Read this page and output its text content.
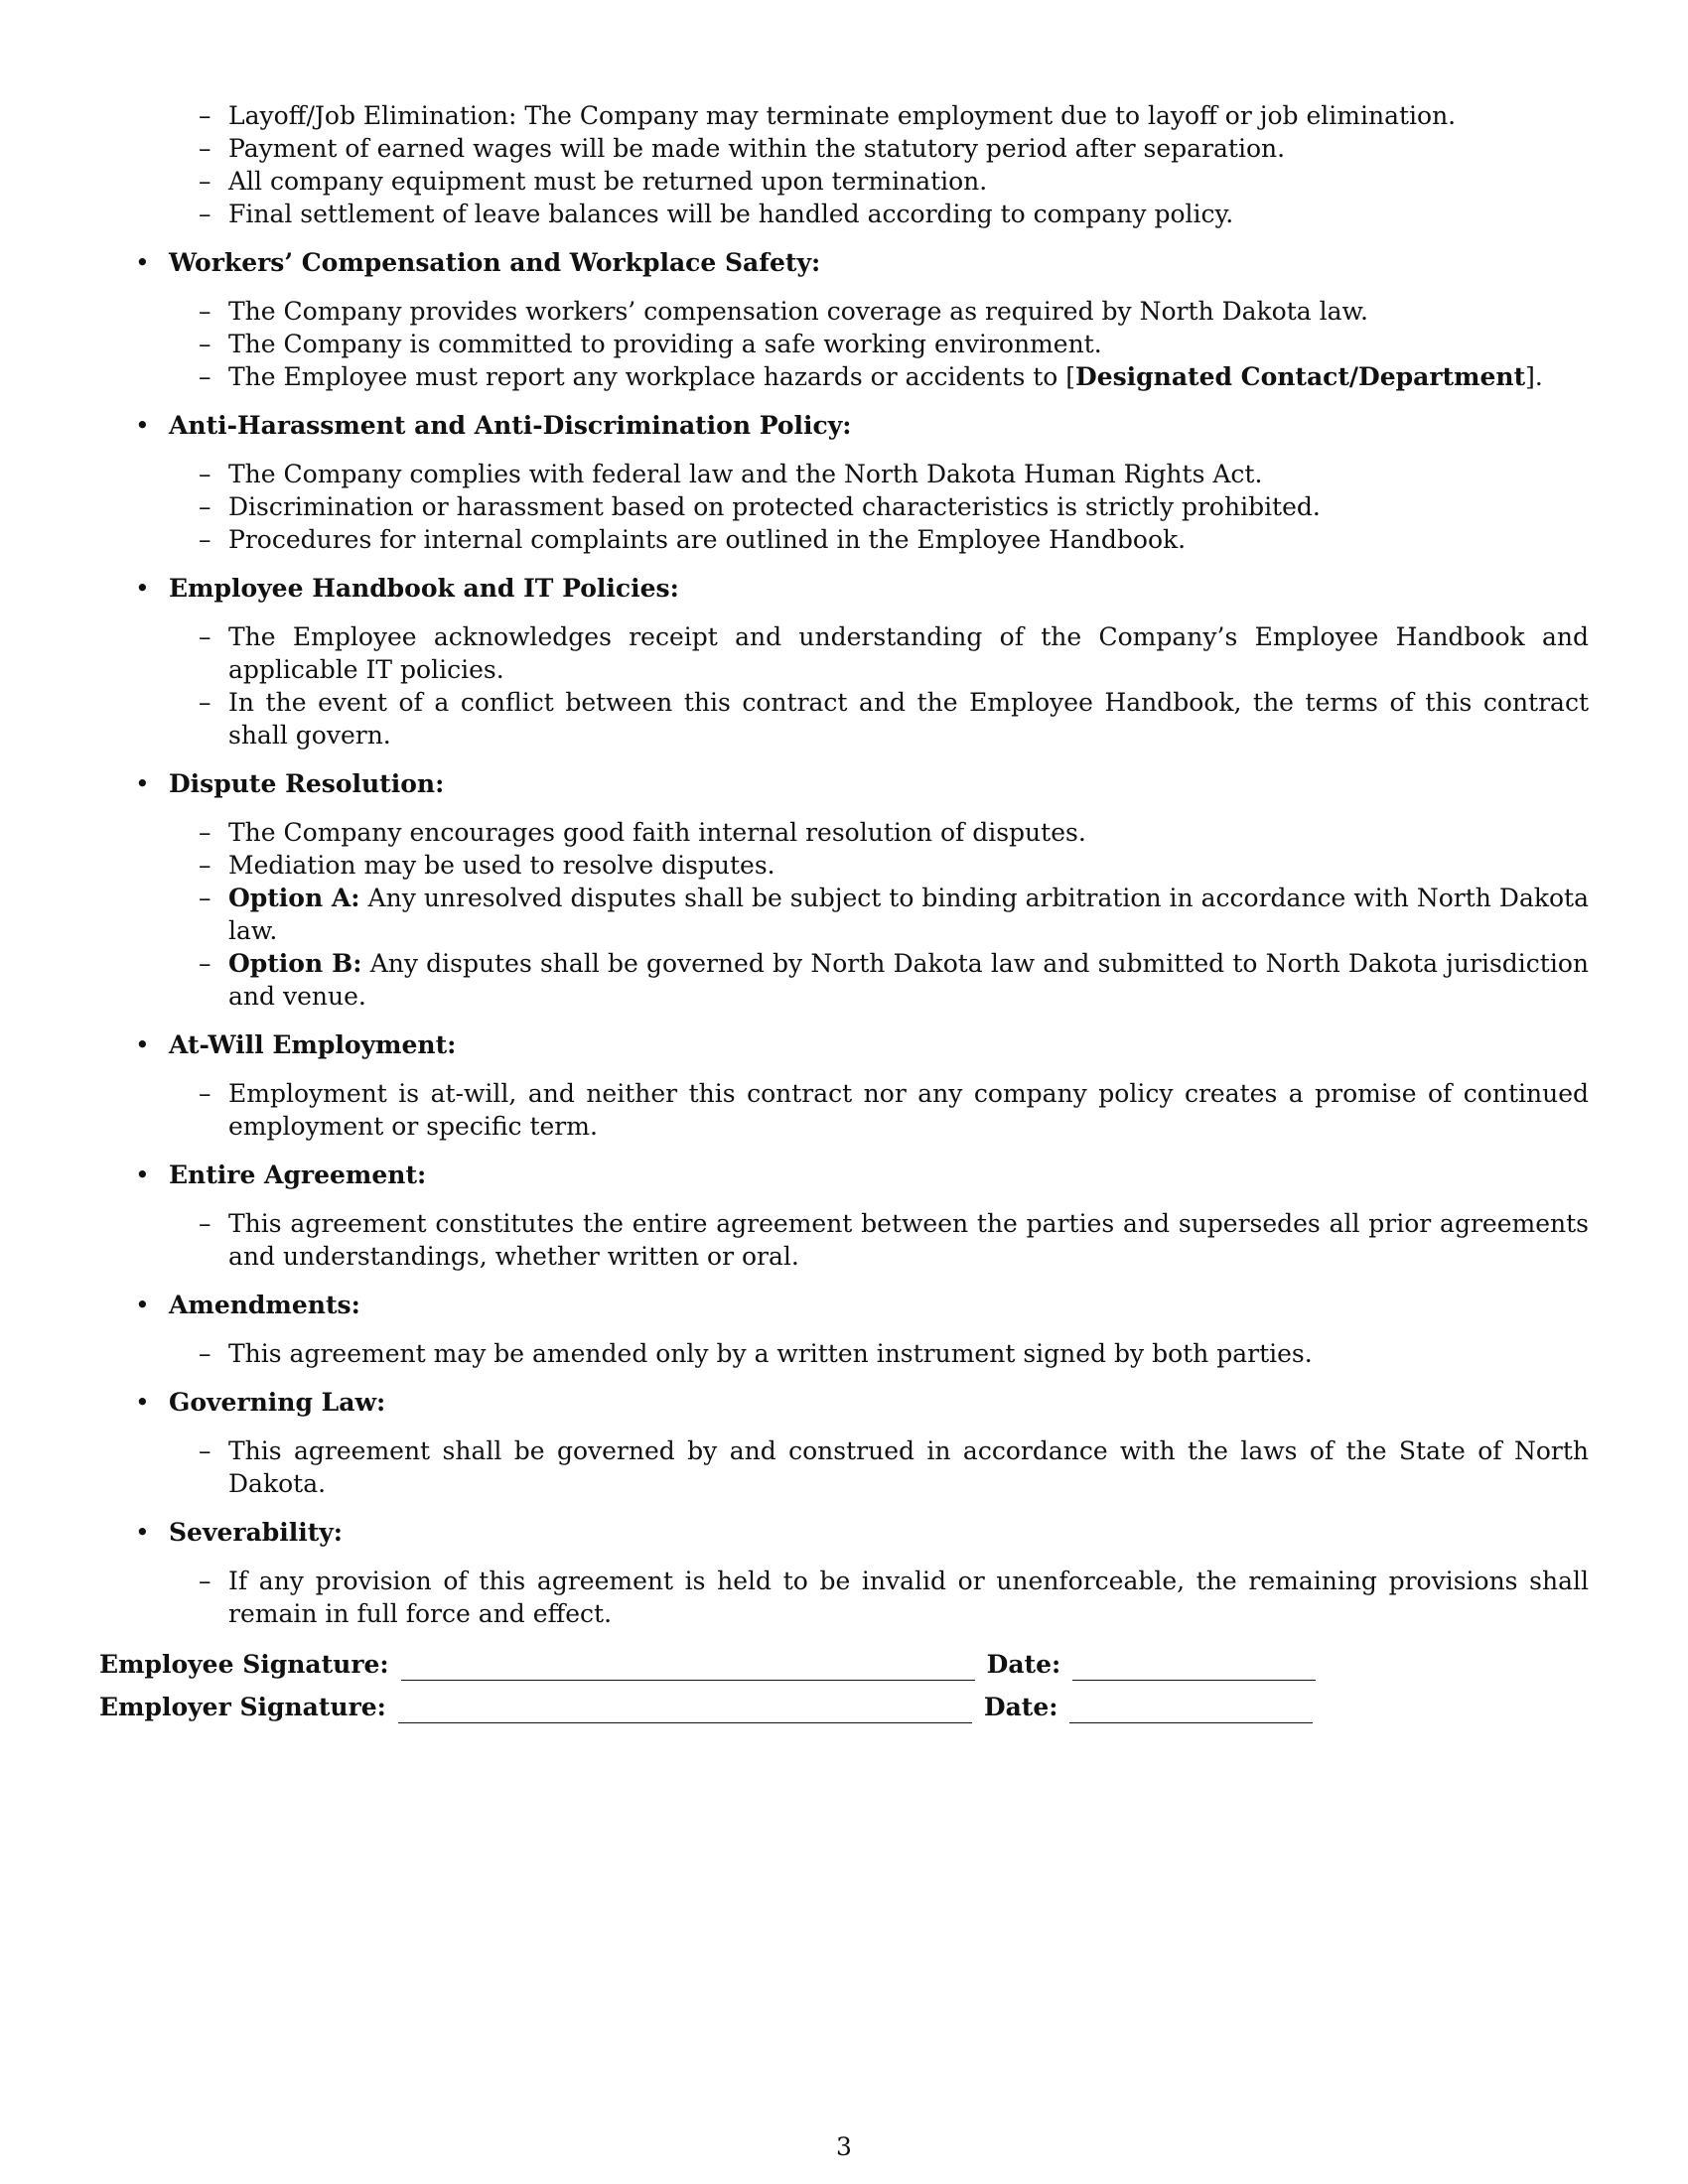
– Layoff/Job Elimination: The Company may terminate employment due to layoff or job elimination.
– Payment of earned wages will be made within the statutory period after separation.
– All company equipment must be returned upon termination.
– Final settlement of leave balances will be handled according to company policy.
• Workers’ Compensation and Workplace Safety:
– The Company provides workers’ compensation coverage as required by North Dakota law.
– The Company is committed to providing a safe working environment.
– The Employee must report any workplace hazards or accidents to [Designated Contact/Department].
• Anti-Harassment and Anti-Discrimination Policy:
– The Company complies with federal law and the North Dakota Human Rights Act.
– Discrimination or harassment based on protected characteristics is strictly prohibited.
– Procedures for internal complaints are outlined in the Employee Handbook.
• Employee Handbook and IT Policies:
– The Employee acknowledges receipt and understanding of the Company’s Employee Handbook and applicable IT policies.
– In the event of a conflict between this contract and the Employee Handbook, the terms of this contract shall govern.
• Dispute Resolution:
– The Company encourages good faith internal resolution of disputes.
– Mediation may be used to resolve disputes.
– Option A: Any unresolved disputes shall be subject to binding arbitration in accordance with North Dakota law.
– Option B: Any disputes shall be governed by North Dakota law and submitted to North Dakota jurisdiction and venue.
• At-Will Employment:
– Employment is at-will, and neither this contract nor any company policy creates a promise of continued employment or specific term.
• Entire Agreement:
– This agreement constitutes the entire agreement between the parties and supersedes all prior agreements and understandings, whether written or oral.
• Amendments:
– This agreement may be amended only by a written instrument signed by both parties.
• Governing Law:
– This agreement shall be governed by and construed in accordance with the laws of the State of North Dakota.
• Severability:
– If any provision of this agreement is held to be invalid or unenforceable, the remaining provisions shall remain in full force and effect.
Employee Signature:	Date:
Employer Signature:	Date:
3
